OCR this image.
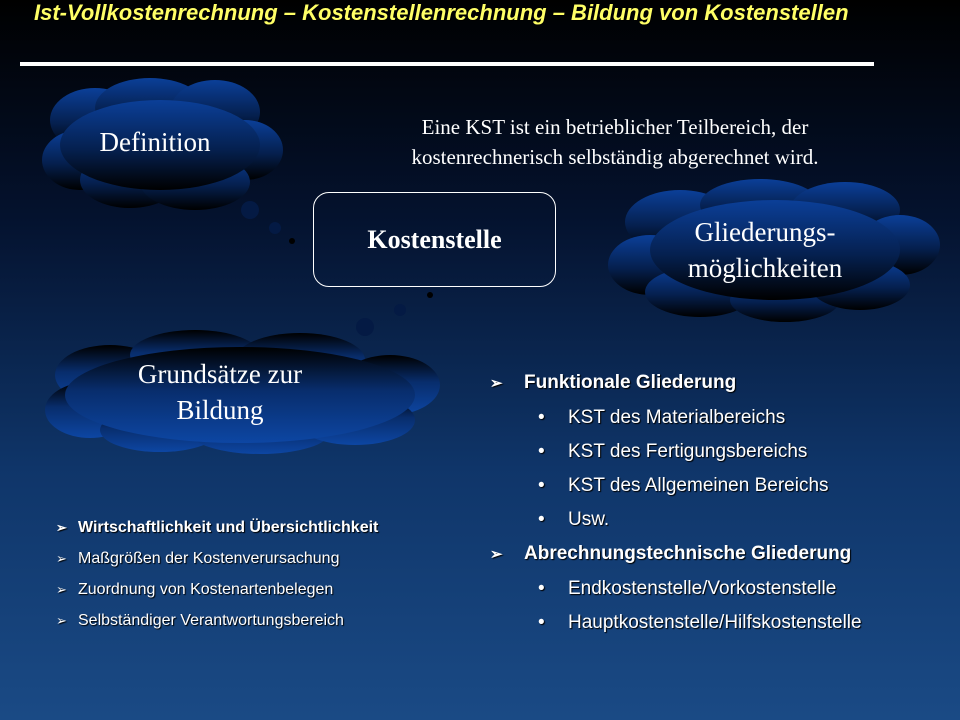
Ist-Vollkostenrechnung – Kostenstellenrechnung – Bildung von Kostenstellen
Definition
Gliederungs-
möglichkeiten
Grundsätze zur
Bildung
Eine KST ist ein betrieblicher Teilbereich, der
kostenrechnerisch selbständig abgerechnet wird.
Kostenstelle
➢ Wirtschaftlichkeit und Übersichtlichkeit
➢ Maßgrößen der Kostenverursachung
➢ Zuordnung von Kostenartenbelegen
➢ Selbständiger Verantwortungsbereich
➢	Funktionale Gliederung
•	KST des Materialbereichs
•	KST des Fertigungsbereichs
•	KST des Allgemeinen Bereichs
•	Usw.
➢	Abrechnungstechnische Gliederung
•	Endkostenstelle/Vorkostenstelle
•	Hauptkostenstelle/Hilfskostenstelle
